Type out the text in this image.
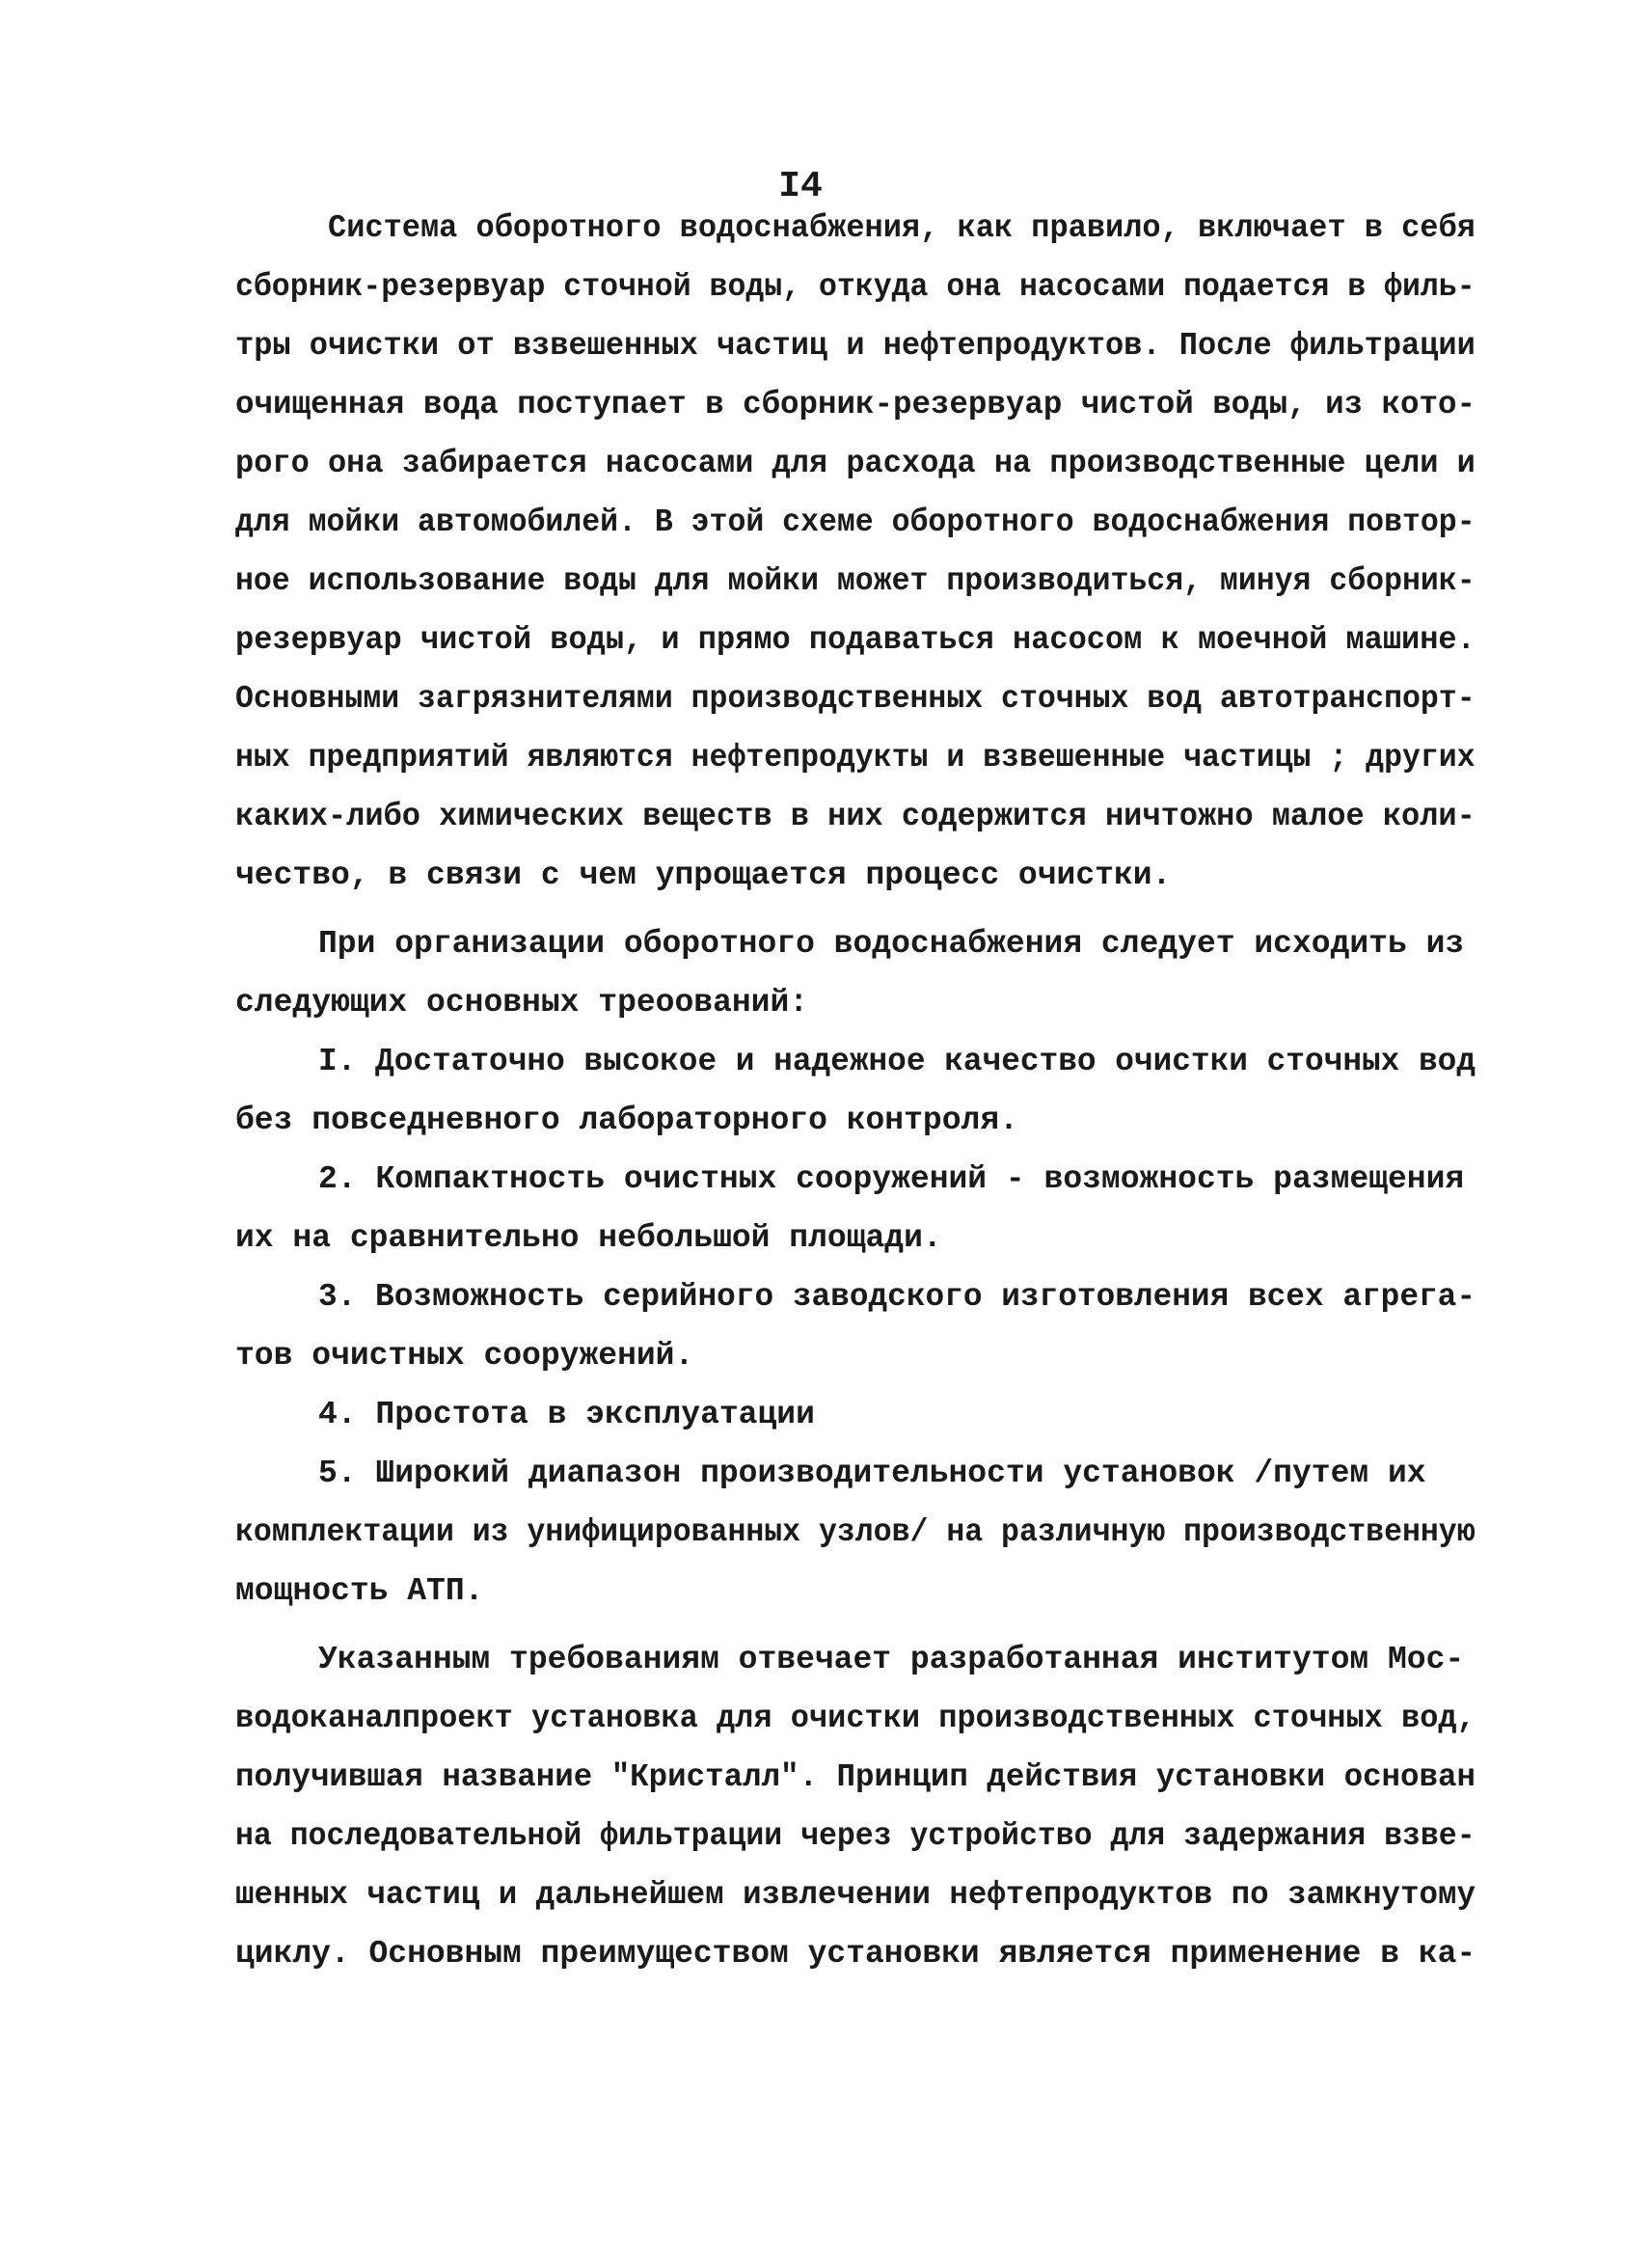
I4
Система оборотного водоснабжения, как правило, включает в себя
сборник-резервуар сточной воды, откуда она насосами подается в филь-
тры очистки от взвешенных частиц и нефтепродуктов. После фильтрации
очищенная вода поступает в сборник-резервуар чистой воды, из кото-
рого она забирается насосами для расхода на производственные цели и
для мойки автомобилей. В этой схеме оборотного водоснабжения повтор-
ное использование воды для мойки может производиться, минуя сборник-
резервуар чистой воды, и прямо подаваться насосом к моечной машине.
Основными загрязнителями производственных сточных вод автотранспорт-
ных предприятий являются нефтепродукты и взвешенные частицы ; других
каких-либо химических веществ в них содержится ничтожно малое коли-
чество, в связи с чем упрощается процесс очистки.
При организации оборотного водоснабжения следует исходить из
следующих основных треоований:
I. Достаточно высокое и надежное качество очистки сточных вод
без повседневного лабораторного контроля.
2. Компактность очистных сооружений - возможность размещения
их на сравнительно небольшой площади.
3. Возможность серийного заводского изготовления всех агрега-
тов очистных сооружений.
4. Простота в эксплуатации
5. Широкий диапазон производительности установок /путем их
комплектации из унифицированных узлов/ на различную производственную
мощность АТП.
Указанным требованиям отвечает разработанная институтом Мос-
водоканалпроект установка для очистки производственных сточных вод,
получившая название "Кристалл". Принцип действия установки основан
на последовательной фильтрации через устройство для задержания взве-
шенных частиц и дальнейшем извлечении нефтепродуктов по замкнутому
циклу. Основным преимуществом установки является применение в ка-
